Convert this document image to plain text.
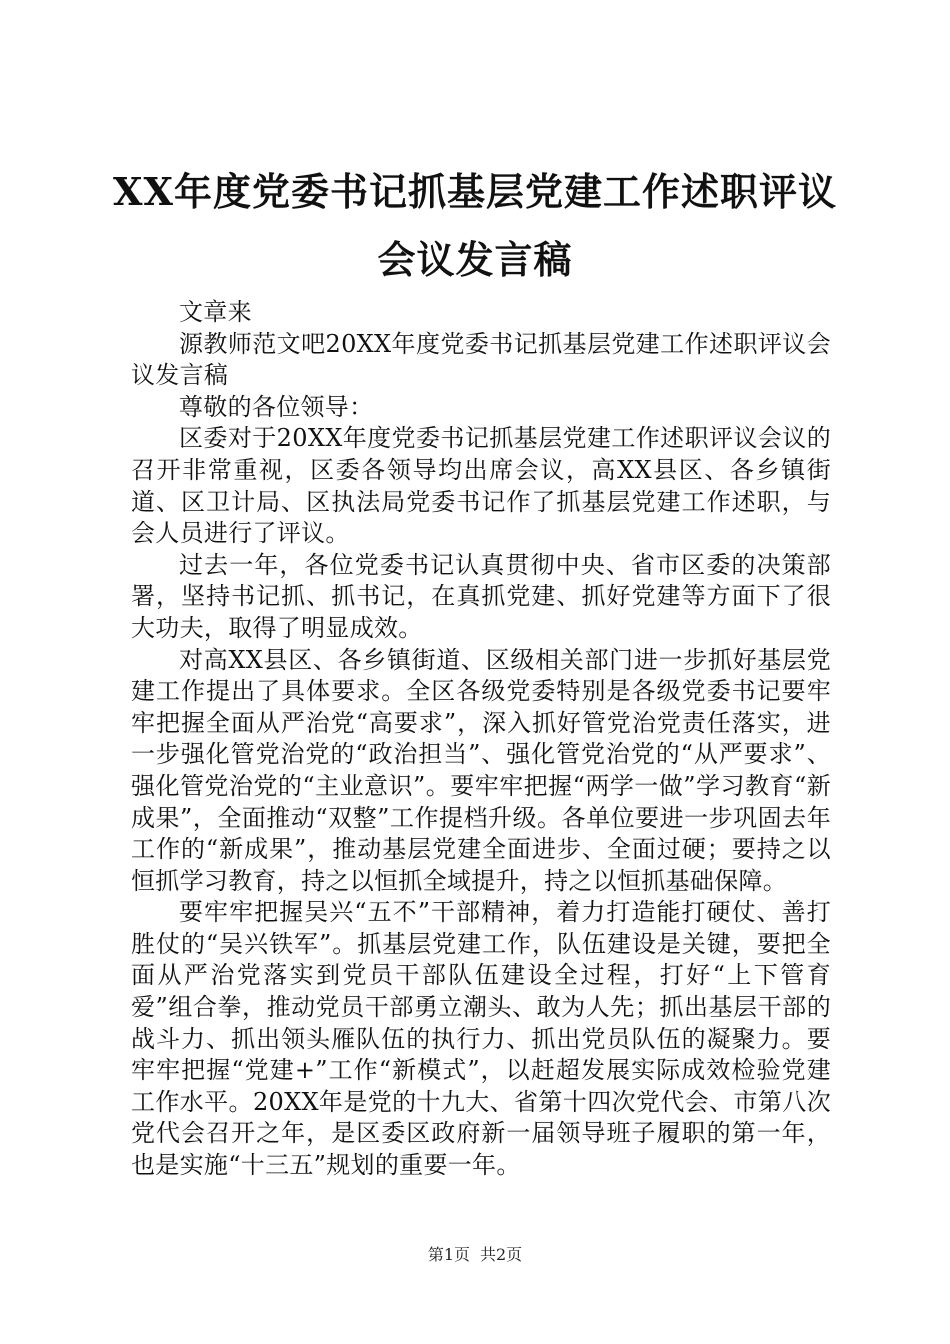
XX年度党委书记抓基层党建工作述职评议会议发言稿

文章来

源教师范文吧20XX年度党委书记抓基层党建工作述职评议会议发言稿

尊敬的各位领导：

区委对于20XX年度党委书记抓基层党建工作述职评议会议的召开非常重视，区委各领导均出席会议，高XX县区、各乡镇街道、区卫计局、区执法局党委书记作了抓基层党建工作述职，与会人员进行了评议。

过去一年，各位党委书记认真贯彻中央、省市区委的决策部署，坚持书记抓、抓书记，在真抓党建、抓好党建等方面下了很大功夫，取得了明显成效。

对高XX县区、各乡镇街道、区级相关部门进一步抓好基层党建工作提出了具体要求。全区各级党委特别是各级党委书记要牢牢把握全面从严治党“高要求”，深入抓好管党治党责任落实，进一步强化管党治党的“政治担当”、强化管党治党的“从严要求”、强化管党治党的“主业意识”。要牢牢把握“两学一做”学习教育“新成果”，全面推动“双整”工作提档升级。各单位要进一步巩固去年工作的“新成果”，推动基层党建全面进步、全面过硬；要持之以恒抓学习教育，持之以恒抓全域提升，持之以恒抓基础保障。

要牢牢把握吴兴“五不”干部精神，着力打造能打硬仗、善打胜仗的“吴兴铁军”。抓基层党建工作，队伍建设是关键，要把全面从严治党落实到党员干部队伍建设全过程，打好“上下管育爱”组合拳，推动党员干部勇立潮头、敢为人先；抓出基层干部的战斗力、抓出领头雁队伍的执行力、抓出党员队伍的凝聚力。要牢牢把握“党建+”工作“新模式”，以赶超发展实际成效检验党建工作水平。20XX年是党的十九大、省第十四次党代会、市第八次党代会召开之年，是区委区政府新一届领导班子履职的第一年，也是实施“十三五”规划的重要一年。

第1页 共2页
